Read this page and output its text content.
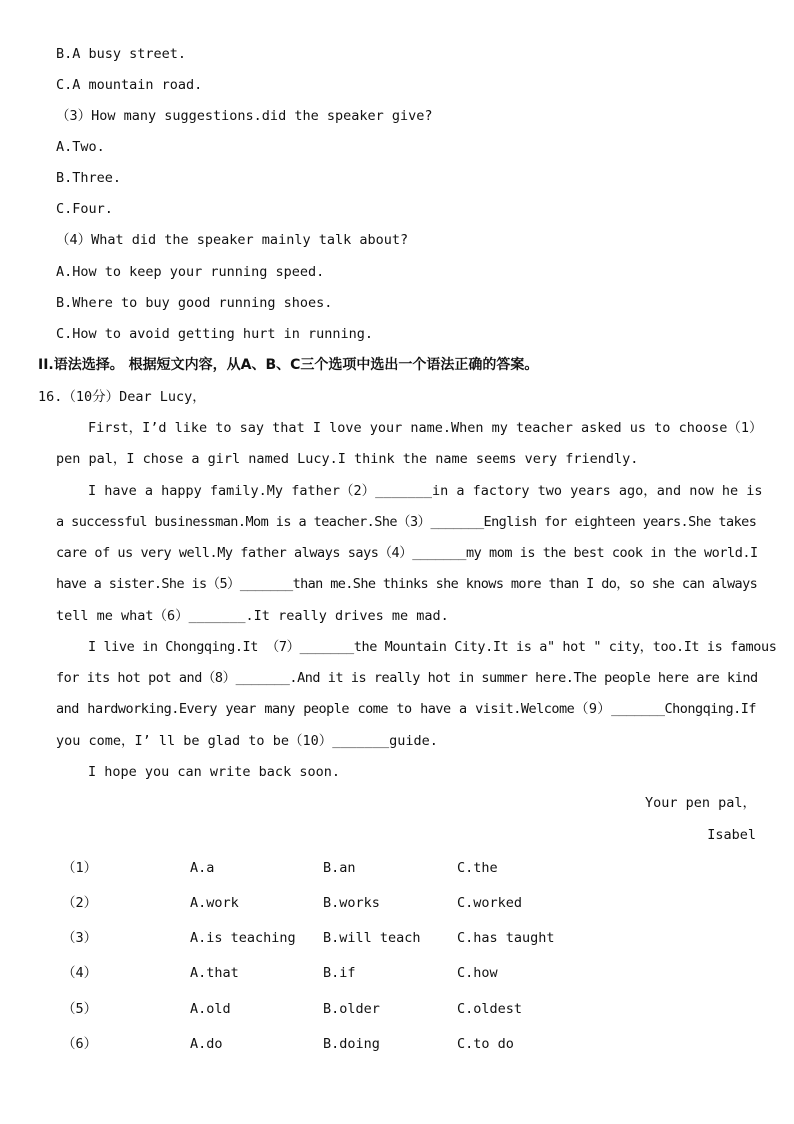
B.A busy street.
C.A mountain road.
（3）How many suggestions.did the speaker give?
A.Two.
B.Three.
C.Four.
（4）What did the speaker mainly talk about?
A.How to keep your running speed.
B.Where to buy good running shoes.
C.How to avoid getting hurt in running.
II.语法选择。 根据短文内容，从A、B、C三个选项中选出一个语法正确的答案。
16.（10分）Dear Lucy，
First，I’d like to say that I love your name.When my teacher asked us to choose（1）
pen pal，I chose a girl named Lucy.I think the name seems very friendly.
I have a happy family.My father（2）_______in a factory two years ago，and now he is
a successful businessman.Mom is a teacher.She（3）_______English for eighteen years.She takes
care of us very well.My father always says（4）_______my mom is the best cook in the world.I
have a sister.She is（5）_______than me.She thinks she knows more than I do，so she can always
tell me what（6）_______.It really drives me mad.
I live in Chongqing.It （7）_______the Mountain City.It is a" hot " city，too.It is famous
for its hot pot and（8）_______.And it is really hot in summer here.The people here are kind
and hardworking.Every year many people come to have a visit.Welcome（9）_______Chongqing.If
you come，I’ ll be glad to be（10）_______guide.
I hope you can write back soon.
Your pen pal，
Isabel
（1）	A.a	B.an	C.the
（2）	A.work	B.works	C.worked
（3）	A.is teaching B.will teach	C.has taught
（4）	A.that	B.if	C.how
（5）	A.old	B.older	C.oldest
（6）	A.do	B.doing	C.to do
